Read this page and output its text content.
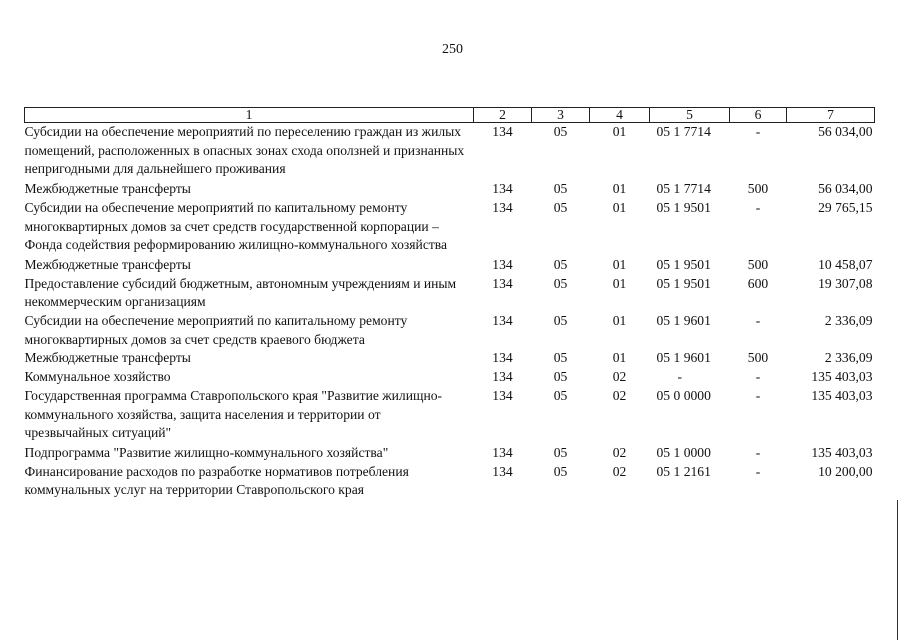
250
1	2	3	4	5	6	7
Субсидии на обеспечение мероприятий по переселению граждан из жилых помещений, расположенных в опасных зонах схода оползней и признанных непригодными для дальнейшего проживания	134	05	01	05 1 7714	-	56 034,00
Межбюджетные трансферты	134	05	01	05 1 7714	500	56 034,00
Субсидии на обеспечение мероприятий по капитальному ремонту многоквартирных домов за счет средств государственной корпорации – Фонда содействия реформированию жилищно-коммунального хозяйства	134	05	01	05 1 9501	-	29 765,15
Межбюджетные трансферты	134	05	01	05 1 9501	500	10 458,07
Предоставление субсидий бюджетным, автономным учреждениям и иным некоммерческим организациям	134	05	01	05 1 9501	600	19 307,08
Субсидии на обеспечение мероприятий по капитальному ремонту многоквартирных домов за счет средств краевого бюджета	134	05	01	05 1 9601	-	2 336,09
Межбюджетные трансферты	134	05	01	05 1 9601	500	2 336,09
Коммунальное хозяйство	134	05	02	-	-	135 403,03
Государственная программа Ставропольского края "Развитие жилищно-коммунального хозяйства, защита населения и территории от чрезвычайных ситуаций"	134	05	02	05 0 0000	-	135 403,03
Подпрограмма "Развитие жилищно-коммунального хозяйства"	134	05	02	05 1 0000	-	135 403,03
Финансирование расходов по разработке нормативов потребления коммунальных услуг на территории Ставропольского края	134	05	02	05 1 2161	-	10 200,00
